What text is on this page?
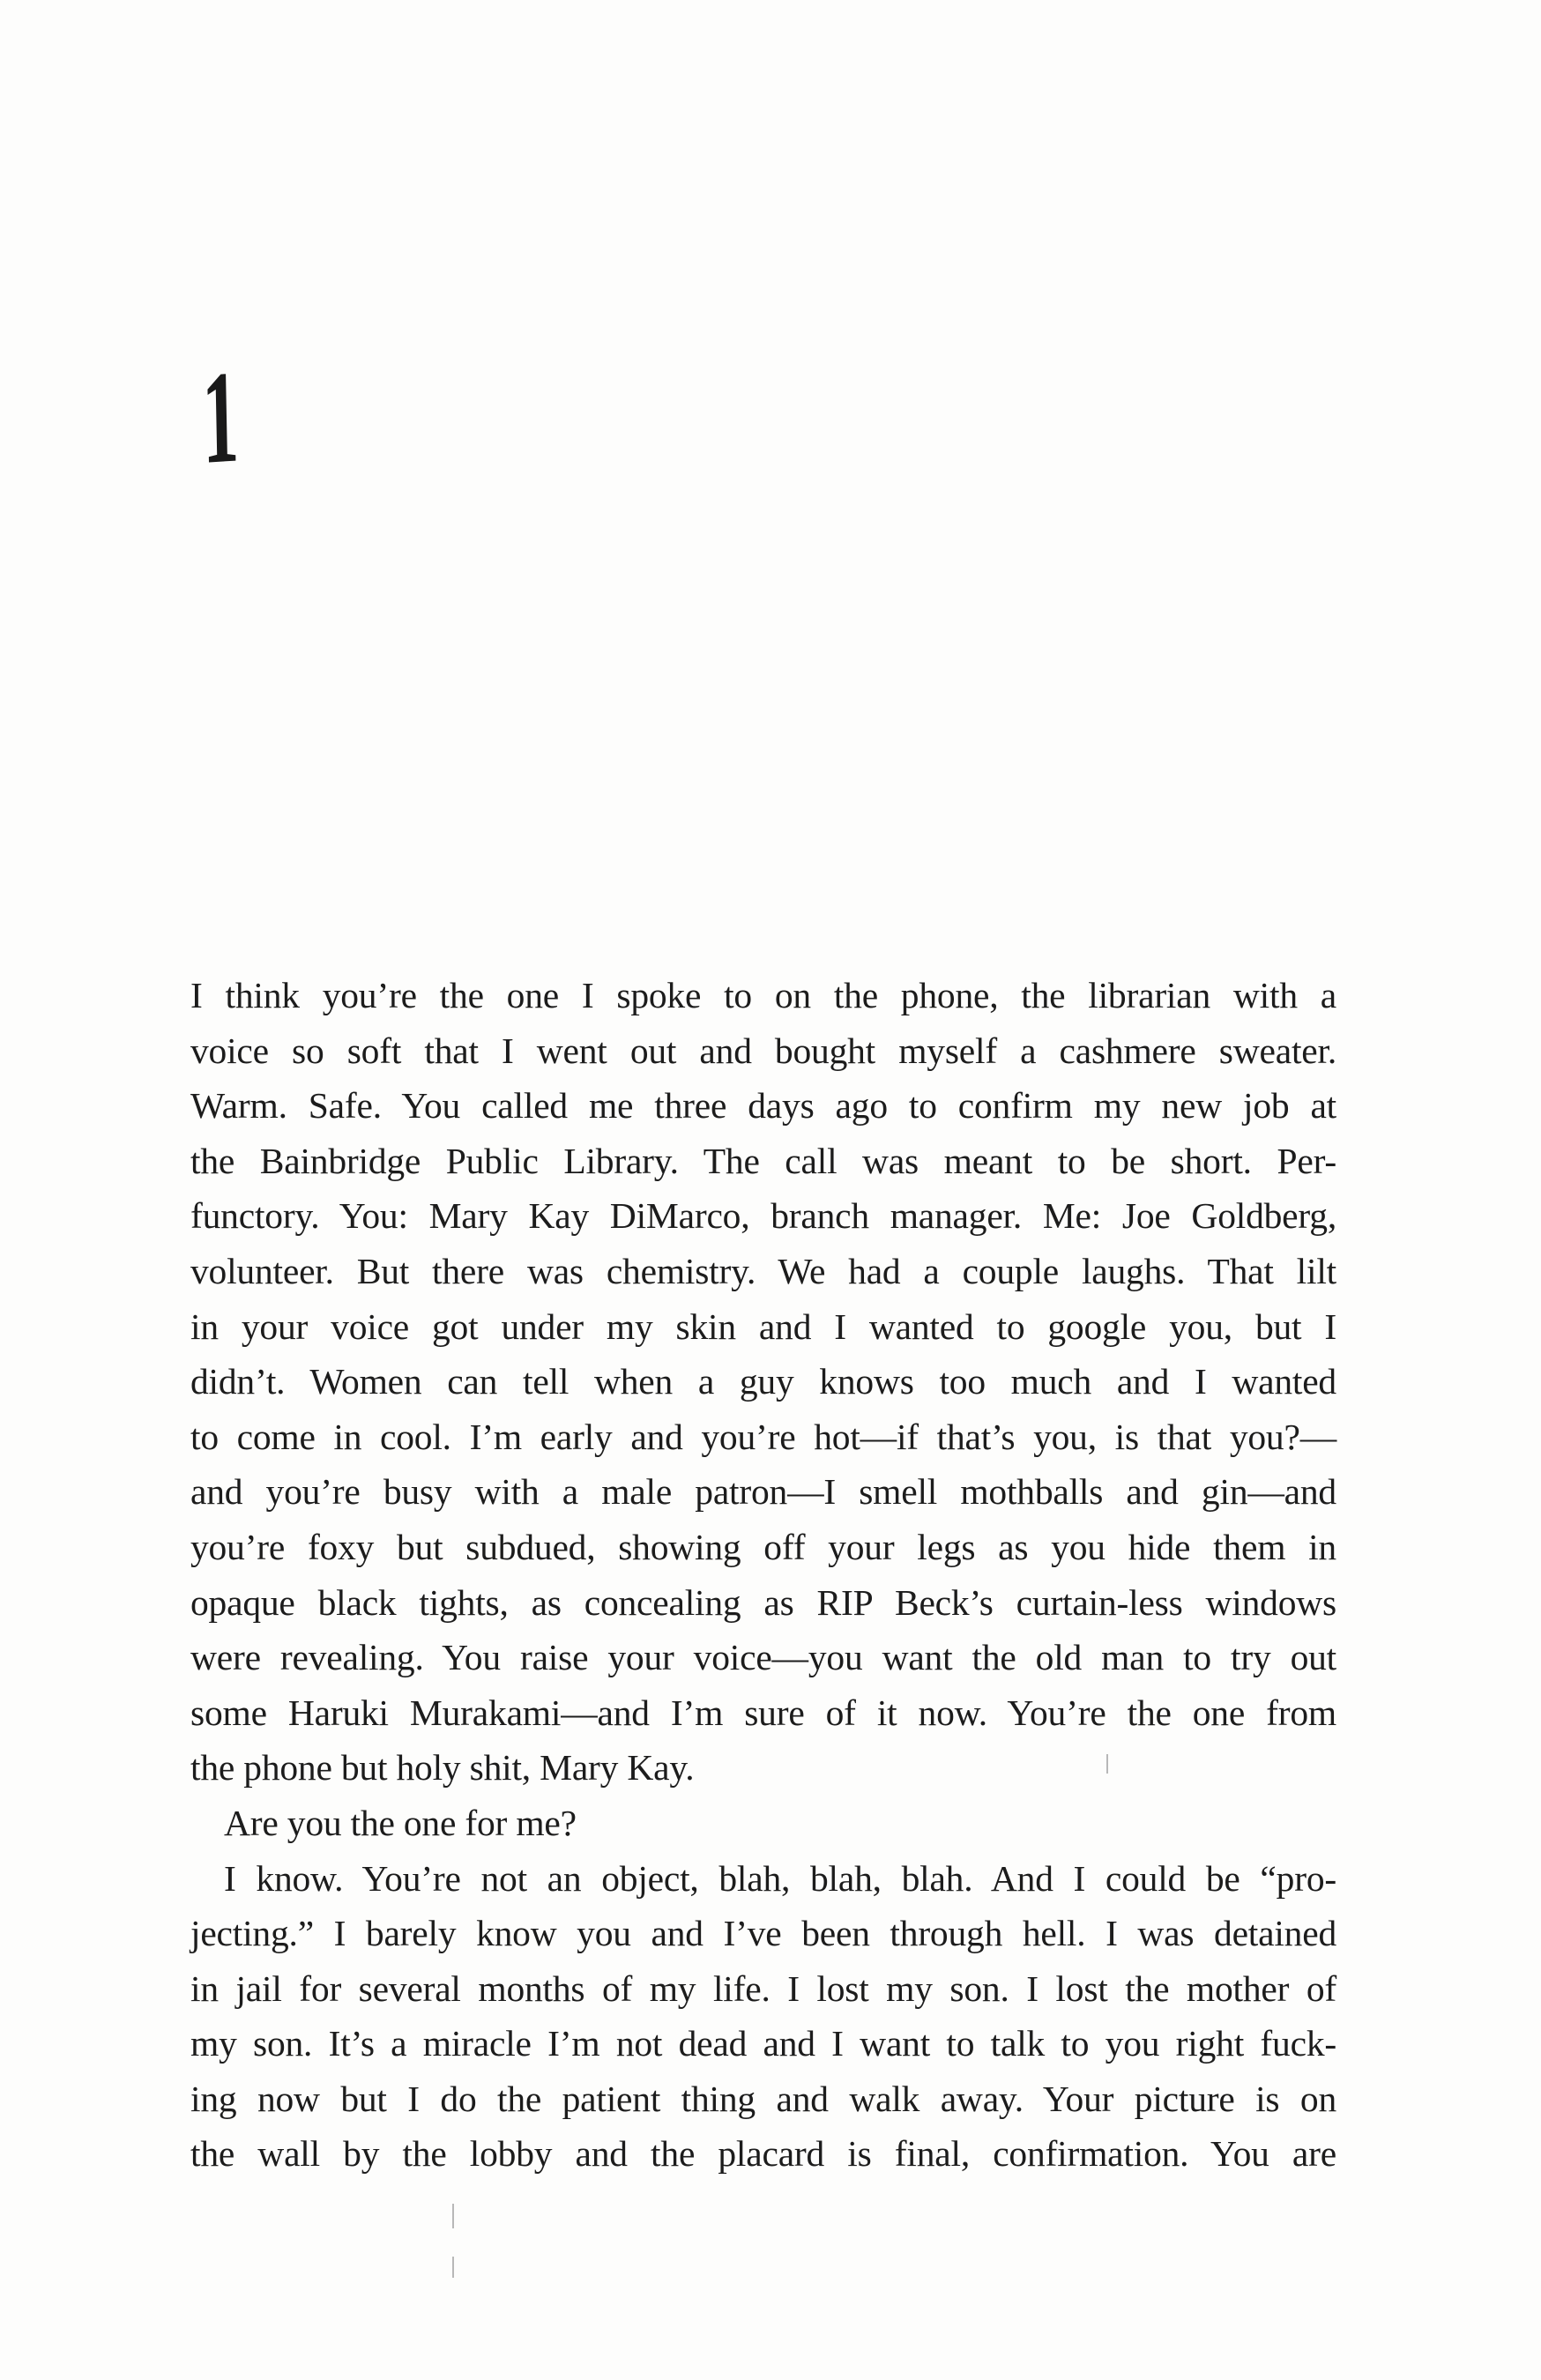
1
I think you’re the one I spoke to on the phone, the librarian with a
voice so soft that I went out and bought myself a cashmere sweater.
Warm. Safe. You called me three days ago to confirm my new job at
the Bainbridge Public Library. The call was meant to be short. Per-
functory. You: Mary Kay DiMarco, branch manager. Me: Joe Goldberg,
volunteer. But there was chemistry. We had a couple laughs. That lilt
in your voice got under my skin and I wanted to google you, but I
didn’t. Women can tell when a guy knows too much and I wanted
to come in cool. I’m early and you’re hot—if that’s you, is that you?—
and you’re busy with a male patron—I smell mothballs and gin—and
you’re foxy but subdued, showing off your legs as you hide them in
opaque black tights, as concealing as RIP Beck’s curtain-less windows
were revealing. You raise your voice—you want the old man to try out
some Haruki Murakami—and I’m sure of it now. You’re the one from
the phone but holy shit, Mary Kay.
Are you the one for me?
I know. You’re not an object, blah, blah, blah. And I could be “pro-
jecting.” I barely know you and I’ve been through hell. I was detained
in jail for several months of my life. I lost my son. I lost the mother of
my son. It’s a miracle I’m not dead and I want to talk to you right fuck-
ing now but I do the patient thing and walk away. Your picture is on
the wall by the lobby and the placard is final, confirmation. You are
